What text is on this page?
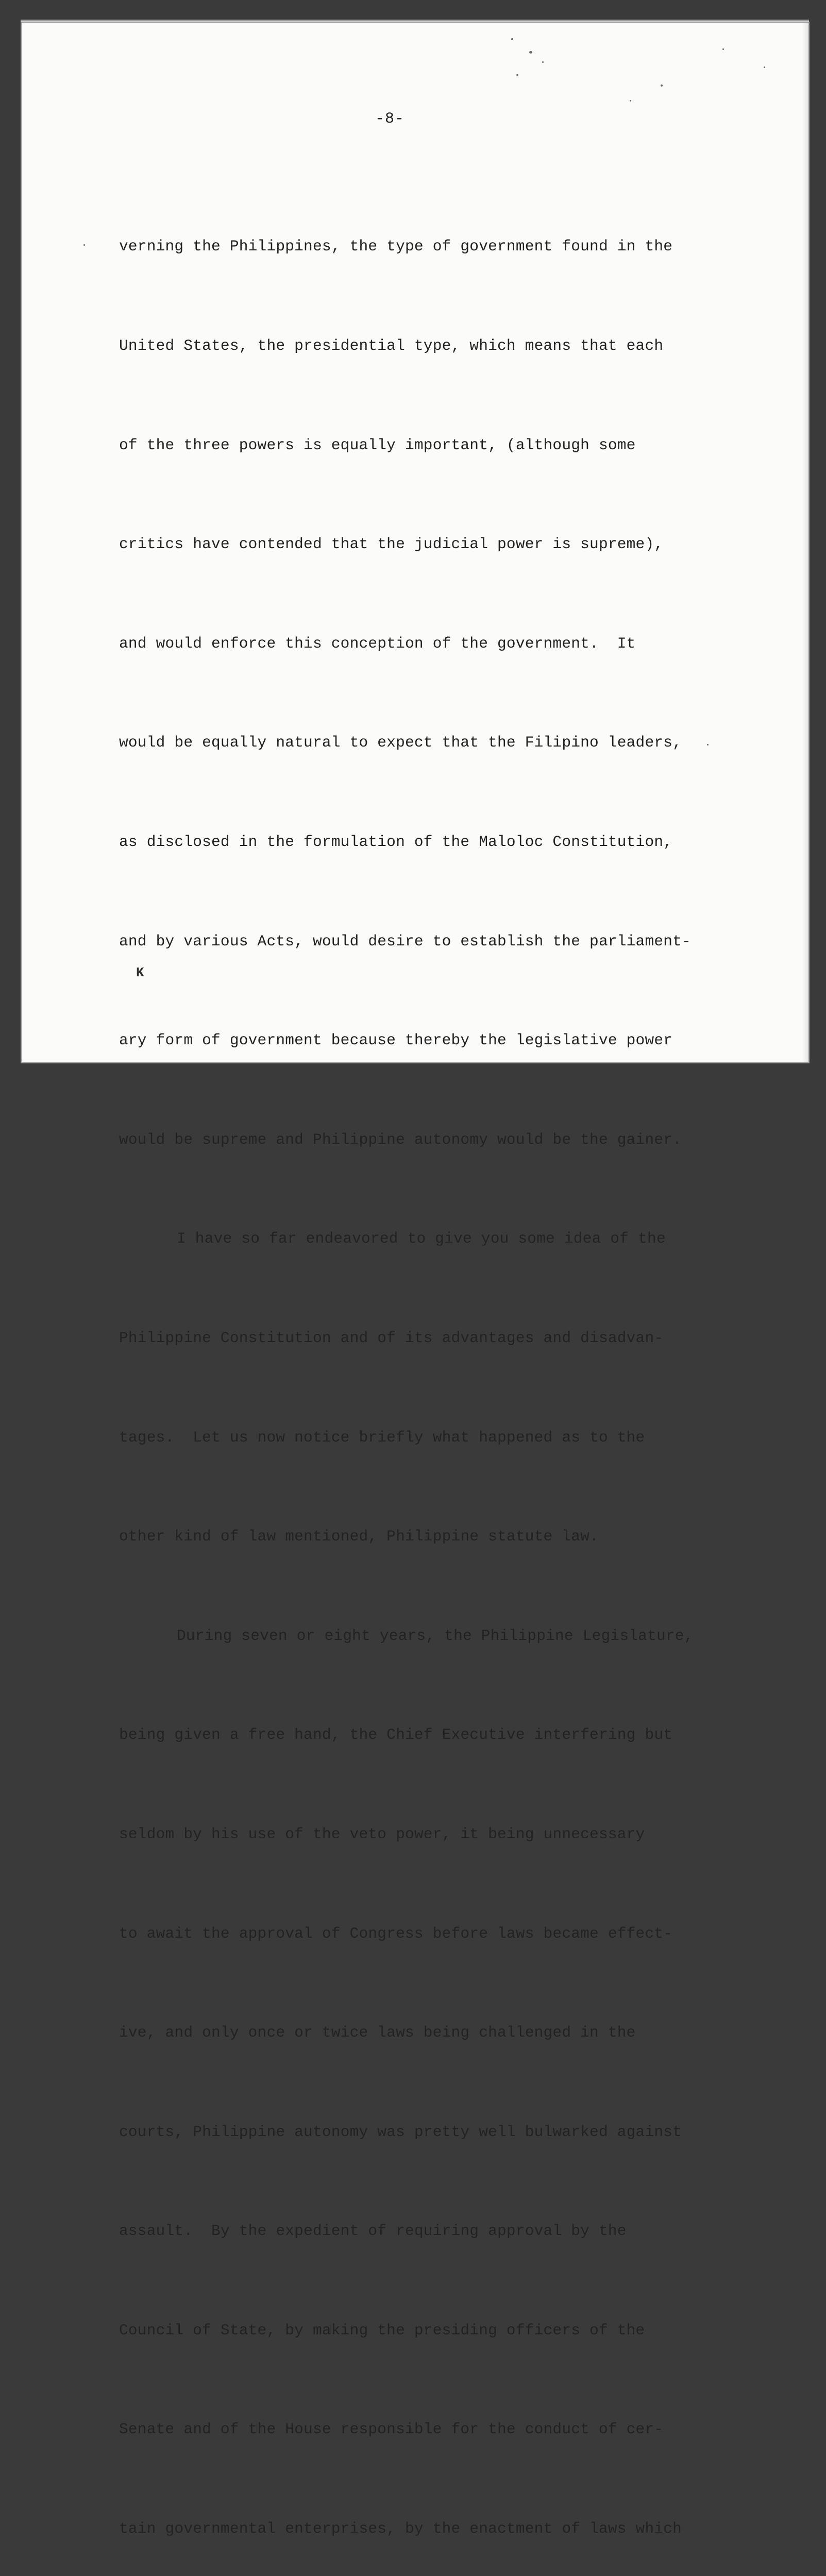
-8-

verning the Philippines, the type of government found in the

United States, the presidential type, which means that each

of the three powers is equally important, (although some

critics have contended that the judicial power is supreme),

and would enforce this conception of the government.  It

would be equally natural to expect that the Filipino leaders,

as disclosed in the formulation of the Maloloc Constitution,

and by various Acts, would desire to establish the parliament-

ary form of government because thereby the legislative power

would be supreme and Philippine autonomy would be the gainer.

I have so far endeavored to give you some idea of the

Philippine Constitution and of its advantages and disadvan-

tages.  Let us now notice briefly what happened as to the

other kind of law mentioned, Philippine statute law.

During seven or eight years, the Philippine Legislature,

being given a free hand, the Chief Executive interfering but

seldom by his use of the veto power, it being unnecessary

to await the approval of Congress before laws became effect-

ive, and only once or twice laws being challenged in the

courts, Philippine autonomy was pretty well bulwarked against

assault.  By the expedient of requiring approval by the

Council of State, by making the presiding officers of the

Senate and of the House responsible for the conduct of cer-

tain governmental enterprises, by the enactment of laws which

K
